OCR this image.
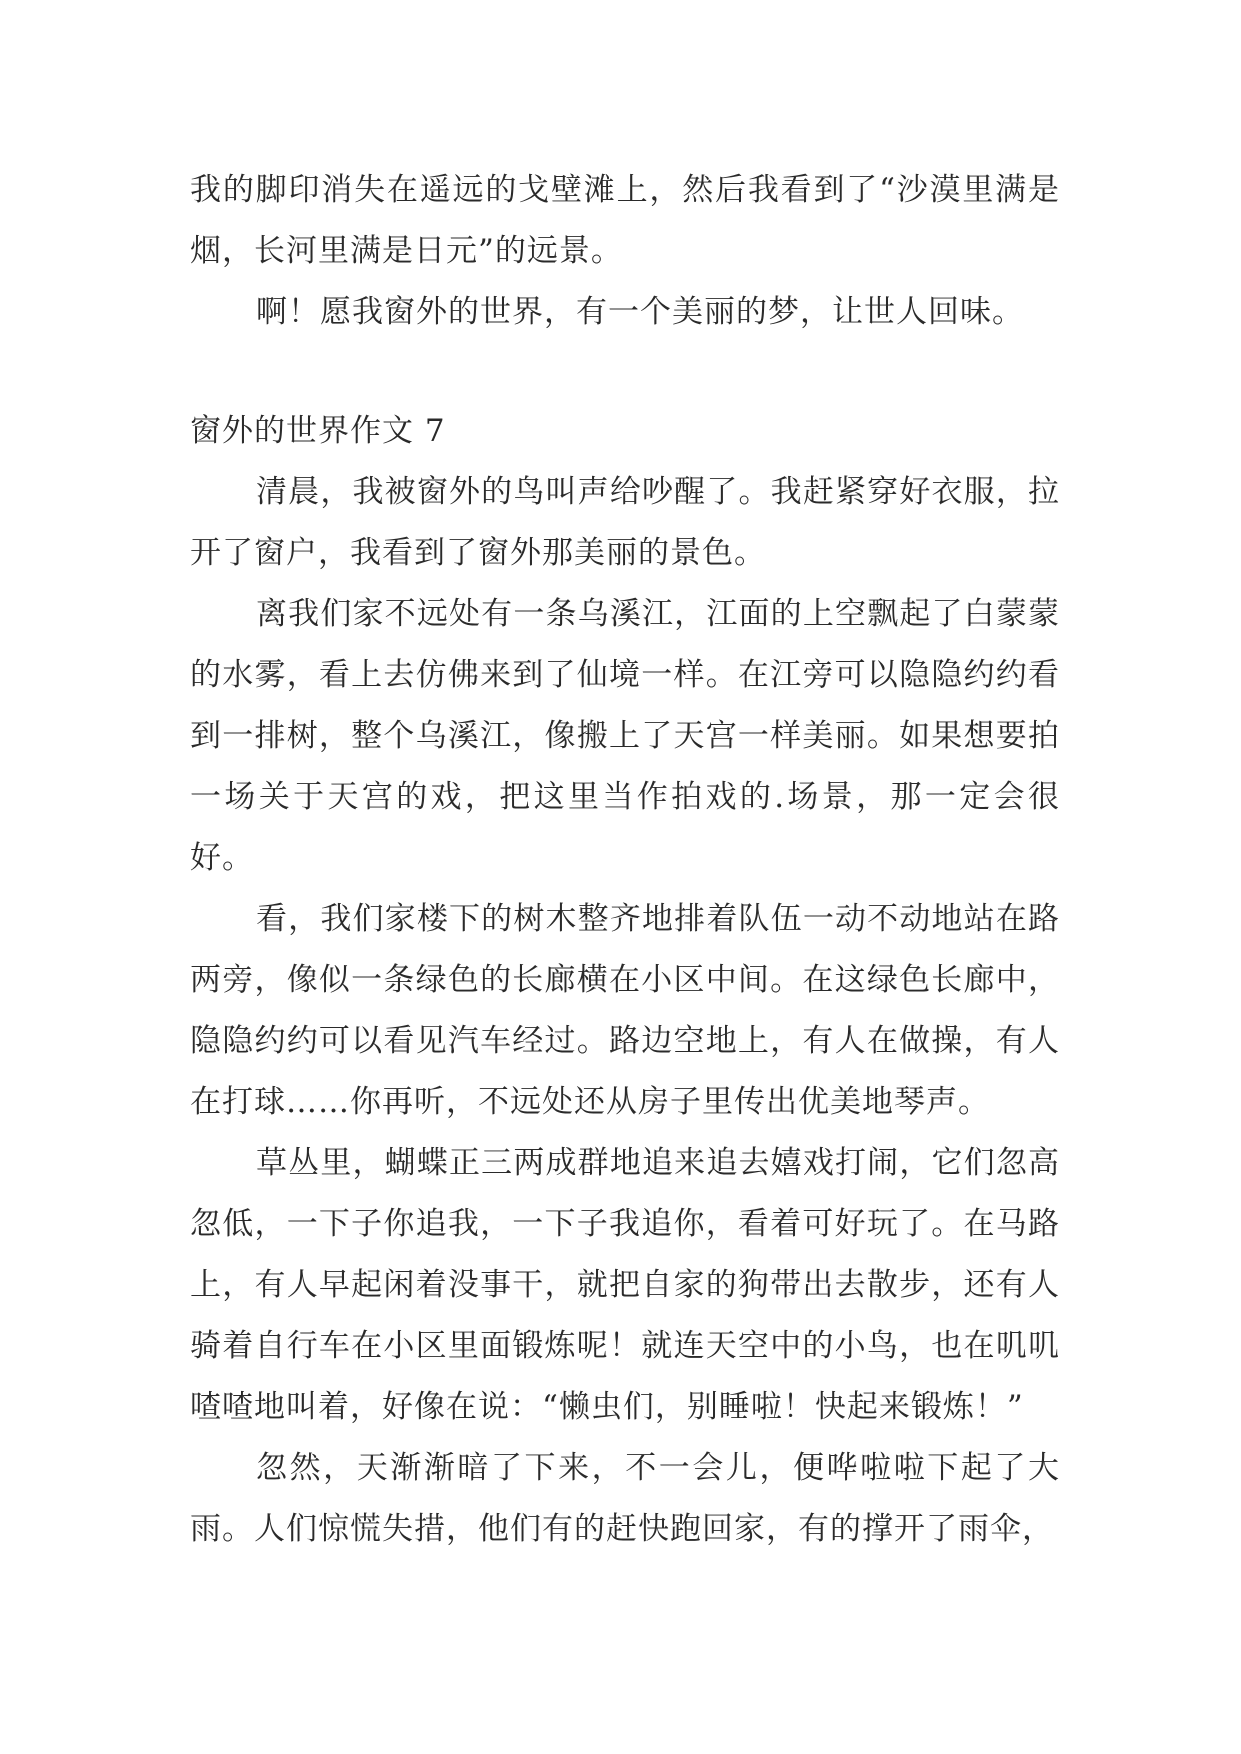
我的脚印消失在遥远的戈壁滩上，然后我看到了“沙漠里满是烟，长河里满是日元”的远景。

啊！愿我窗外的世界，有一个美丽的梦，让世人回味。

窗外的世界作文 7

清晨，我被窗外的鸟叫声给吵醒了。我赶紧穿好衣服，拉开了窗户，我看到了窗外那美丽的景色。

离我们家不远处有一条乌溪江，江面的上空飘起了白蒙蒙的水雾，看上去仿佛来到了仙境一样。在江旁可以隐隐约约看到一排树，整个乌溪江，像搬上了天宫一样美丽。如果想要拍一场关于天宫的戏，把这里当作拍戏的.场景，那一定会很好。

看，我们家楼下的树木整齐地排着队伍一动不动地站在路两旁，像似一条绿色的长廊横在小区中间。在这绿色长廊中，隐隐约约可以看见汽车经过。路边空地上，有人在做操，有人在打球……你再听，不远处还从房子里传出优美地琴声。

草丛里，蝴蝶正三两成群地追来追去嬉戏打闹，它们忽高忽低，一下子你追我，一下子我追你，看着可好玩了。在马路上，有人早起闲着没事干，就把自家的狗带出去散步，还有人骑着自行车在小区里面锻炼呢！就连天空中的小鸟，也在叽叽喳喳地叫着，好像在说：“懒虫们，别睡啦！快起来锻炼！”

忽然，天渐渐暗了下来，不一会儿，便哗啦啦下起了大雨。人们惊慌失措，他们有的赶快跑回家，有的撑开了雨伞，
